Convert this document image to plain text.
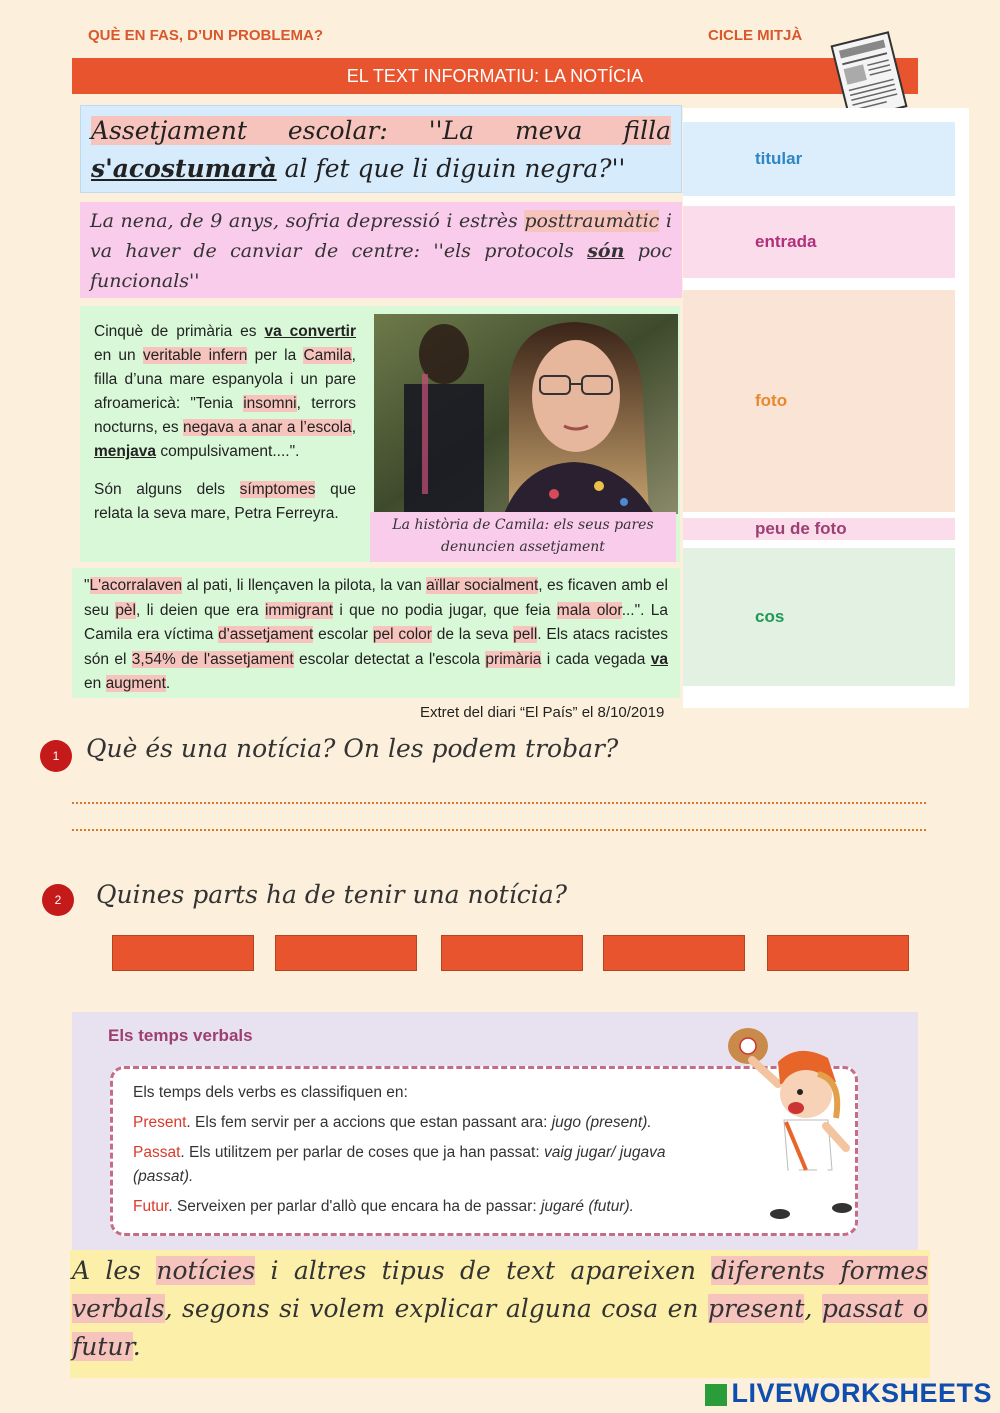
QUÈ EN FAS, D’UN PROBLEMA?	CICLE MITJÀ
EL TEXT INFORMATIU: LA NOTÍCIA
titular
entrada
foto
peu de foto
cos
Assetjament escolar: ''La meva filla s'acostumarà al fet que li diguin negra?''
La nena, de 9 anys, sofria depressió i estrès posttraumàtic i va haver de canviar de centre: ''els protocols són poc funcionals''

Cinquè de primària es va convertir en un veritable infern per la Camila, filla d’una mare espanyola i un pare afroamericà: "Tenia insomni, terrors nocturns, es negava a anar a l’escola, menjava compulsivament....".

Són alguns dels símptomes que relata la seva mare, Petra Ferreyra.

La història de Camila: els seus pares denuncien assetjament
"L'acorralaven al pati, li llençaven la pilota, la van aïllar socialment, es ficaven amb el seu pèl, li deien que era immigrant i que no podia jugar, que feia mala olor...". La Camila era víctima d'assetjament escolar pel color de la seva pell. Els atacs racistes són el 3,54% de l'assetjament escolar detectat a l'escola primària i cada vegada va en augment.
Extret del diari “El País” el 8/10/2019
1	Què és una notícia? On les podem trobar?
2	Quines parts ha de tenir una notícia?
Els temps verbals

Els temps dels verbs es classifiquen en:

Present. Els fem servir per a accions que estan passant ara: jugo (present).

Passat. Els utilitzem per parlar de coses que ja han passat: vaig jugar/ jugava (passat).

Futur. Serveixen per parlar d'allò que encara ha de passar: jugaré (futur).

A les notícies i altres tipus de text apareixen diferents formes verbals, segons si volem explicar alguna cosa en present, passat o futur.
LIVEWORKSHEETS
